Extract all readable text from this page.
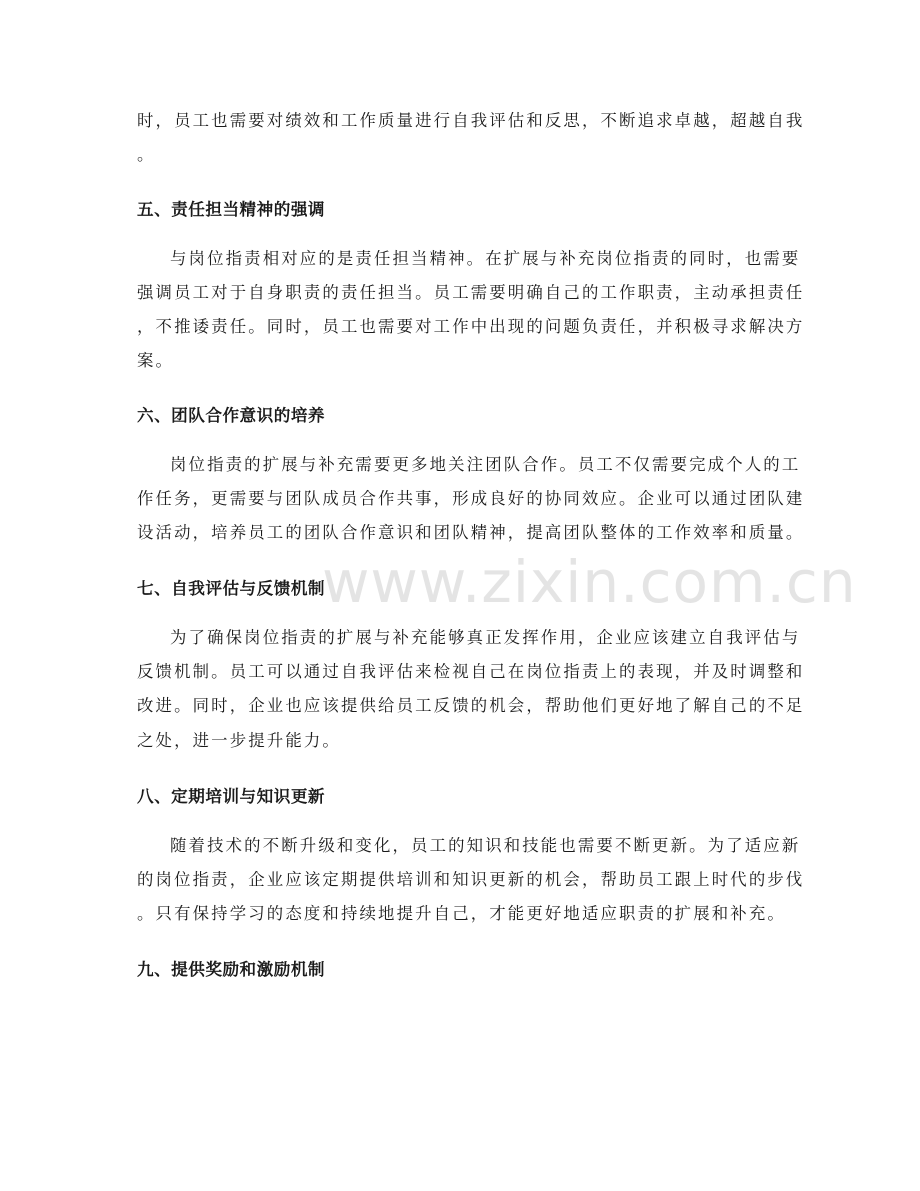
时，员工也需要对绩效和工作质量进行自我评估和反思，不断追求卓越，超越自我
。
五、责任担当精神的强调
与岗位指责相对应的是责任担当精神。在扩展与补充岗位指责的同时，也需要
强调员工对于自身职责的责任担当。员工需要明确自己的工作职责，主动承担责任
，不推诿责任。同时，员工也需要对工作中出现的问题负责任，并积极寻求解决方
案。
六、团队合作意识的培养
岗位指责的扩展与补充需要更多地关注团队合作。员工不仅需要完成个人的工
作任务，更需要与团队成员合作共事，形成良好的协同效应。企业可以通过团队建
设活动，培养员工的团队合作意识和团队精神，提高团队整体的工作效率和质量。
www.zixin.com.cn
七、自我评估与反馈机制
为了确保岗位指责的扩展与补充能够真正发挥作用，企业应该建立自我评估与
反馈机制。员工可以通过自我评估来检视自己在岗位指责上的表现，并及时调整和
改进。同时，企业也应该提供给员工反馈的机会，帮助他们更好地了解自己的不足
之处，进一步提升能力。
八、定期培训与知识更新
随着技术的不断升级和变化，员工的知识和技能也需要不断更新。为了适应新
的岗位指责，企业应该定期提供培训和知识更新的机会，帮助员工跟上时代的步伐
。只有保持学习的态度和持续地提升自己，才能更好地适应职责的扩展和补充。
九、提供奖励和激励机制
